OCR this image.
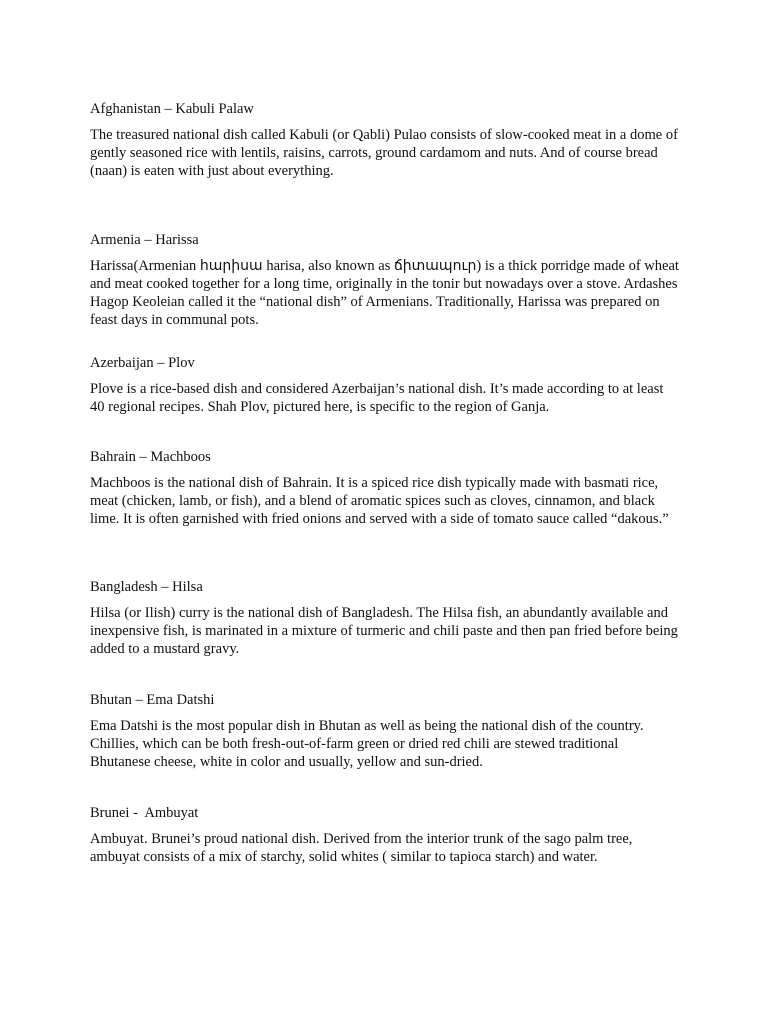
Afghanistan – Kabuli Palaw

The treasured national dish called Kabuli (or Qabli) Pulao consists of slow-cooked meat in a dome of gently seasoned rice with lentils, raisins, carrots, ground cardamom and nuts. And of course bread (naan) is eaten with just about everything.

Armenia – Harissa

Harissa(Armenian հարիսա harisa, also known as ճիտապուր) is a thick porridge made of wheat and meat cooked together for a long time, originally in the tonir but nowadays over a stove. Ardashes Hagop Keoleian called it the “national dish” of Armenians. Traditionally, Harissa was prepared on feast days in communal pots.

Azerbaijan – Plov

Plove is a rice-based dish and considered Azerbaijan’s national dish. It’s made according to at least 40 regional recipes. Shah Plov, pictured here, is specific to the region of Ganja.

Bahrain – Machboos

Machboos is the national dish of Bahrain. It is a spiced rice dish typically made with basmati rice, meat (chicken, lamb, or fish), and a blend of aromatic spices such as cloves, cinnamon, and black lime. It is often garnished with fried onions and served with a side of tomato sauce called “dakous.”

Bangladesh – Hilsa

Hilsa (or Ilish) curry is the national dish of Bangladesh. The Hilsa fish, an abundantly available and inexpensive fish, is marinated in a mixture of turmeric and chili paste and then pan fried before being added to a mustard gravy.

Bhutan – Ema Datshi

Ema Datshi is the most popular dish in Bhutan as well as being the national dish of the country. Chillies, which can be both fresh-out-of-farm green or dried red chili are stewed traditional Bhutanese cheese, white in color and usually, yellow and sun-dried.

Brunei -  Ambuyat

Ambuyat. Brunei’s proud national dish. Derived from the interior trunk of the sago palm tree, ambuyat consists of a mix of starchy, solid whites ( similar to tapioca starch) and water.
